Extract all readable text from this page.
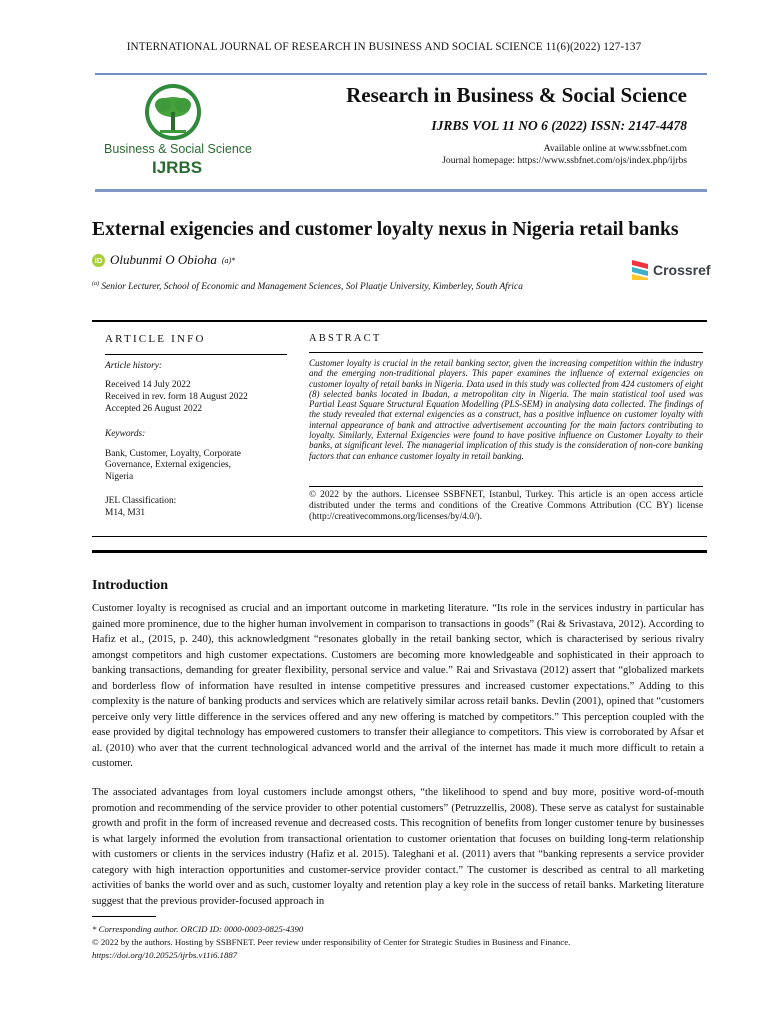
INTERNATIONAL JOURNAL OF RESEARCH IN BUSINESS AND SOCIAL SCIENCE 11(6)(2022) 127-137
Business & Social Science
IJRBS
Research in Business & Social Science
IJRBS VOL 11 NO 6 (2022) ISSN: 2147-4478
Available online at www.ssbfnet.com
Journal homepage: https://www.ssbfnet.com/ojs/index.php/ijrbs
External exigencies and customer loyalty nexus in Nigeria retail banks
iD Olubunmi O Obioha (a)*
$^{(a)}$ Senior Lecturer, School of Economic and Management Sciences, Sol Plaatje University, Kimberley, South Africa
Crossref
ARTICLE INFO
Article history:
Received 14 July 2022
Received in rev. form 18 August 2022
Accepted 26 August 2022
Keywords:
Bank, Customer, Loyalty, Corporate
Governance, External exigencies,
Nigeria
JEL Classification:
M14, M31
ABSTRACT
Customer loyalty is crucial in the retail banking sector, given the increasing competition within the industry and the emerging non-traditional players. This paper examines the influence of external exigencies on customer loyalty of retail banks in Nigeria. Data used in this study was collected from 424 customers of eight (8) selected banks located in Ibadan, a metropolitan city in Nigeria. The main statistical tool used was Partial Least Square Structural Equation Modelling (PLS-SEM) in analysing data collected. The findings of the study revealed that external exigencies as a construct, has a positive influence on customer loyalty with internal appearance of bank and attractive advertisement accounting for the main factors contributing to loyalty. Similarly, External Exigencies were found to have positive influence on Customer Loyalty to their banks, at significant level. The managerial implication of this study is the consideration of non-core banking factors that can enhance customer loyalty in retail banking.
© 2022 by the authors. Licensee SSBFNET, Istanbul, Turkey. This article is an open access article distributed under the terms and conditions of the Creative Commons Attribution (CC BY) license (http://creativecommons.org/licenses/by/4.0/).
Introduction
Customer loyalty is recognised as crucial and an important outcome in marketing literature. “Its role in the services industry in particular has gained more prominence, due to the higher human involvement in comparison to transactions in goods” (Rai & Srivastava, 2012). According to Hafiz et al., (2015, p. 240), this acknowledgment “resonates globally in the retail banking sector, which is characterised by serious rivalry amongst competitors and high customer expectations. Customers are becoming more knowledgeable and sophisticated in their approach to banking transactions, demanding for greater flexibility, personal service and value.” Rai and Srivastava (2012) assert that “globalized markets and borderless flow of information have resulted in intense competitive pressures and increased customer expectations.” Adding to this complexity is the nature of banking products and services which are relatively similar across retail banks. Devlin (2001), opined that “customers perceive only very little difference in the services offered and any new offering is matched by competitors.” This perception coupled with the ease provided by digital technology has empowered customers to transfer their allegiance to competitors. This view is corroborated by Afsar et al. (2010) who aver that the current technological advanced world and the arrival of the internet has made it much more difficult to retain a customer.
The associated advantages from loyal customers include amongst others, “the likelihood to spend and buy more, positive word-of-mouth promotion and recommending of the service provider to other potential customers” (Petruzzellis, 2008). These serve as catalyst for sustainable growth and profit in the form of increased revenue and decreased costs. This recognition of benefits from longer customer tenure by businesses is what largely informed the evolution from transactional orientation to customer orientation that focuses on building long-term relationship with customers or clients in the services industry (Hafiz et al. 2015). Taleghani et al. (2011) avers that “banking represents a service provider category with high interaction opportunities and customer-service provider contact.” The customer is described as central to all marketing activities of banks the world over and as such, customer loyalty and retention play a key role in the success of retail banks. Marketing literature suggest that the previous provider-focused approach in
* Corresponding author. ORCID ID: 0000-0003-0825-4390
© 2022 by the authors. Hosting by SSBFNET. Peer review under responsibility of Center for Strategic Studies in Business and Finance.
https://doi.org/10.20525/ijrbs.v11i6.1887
